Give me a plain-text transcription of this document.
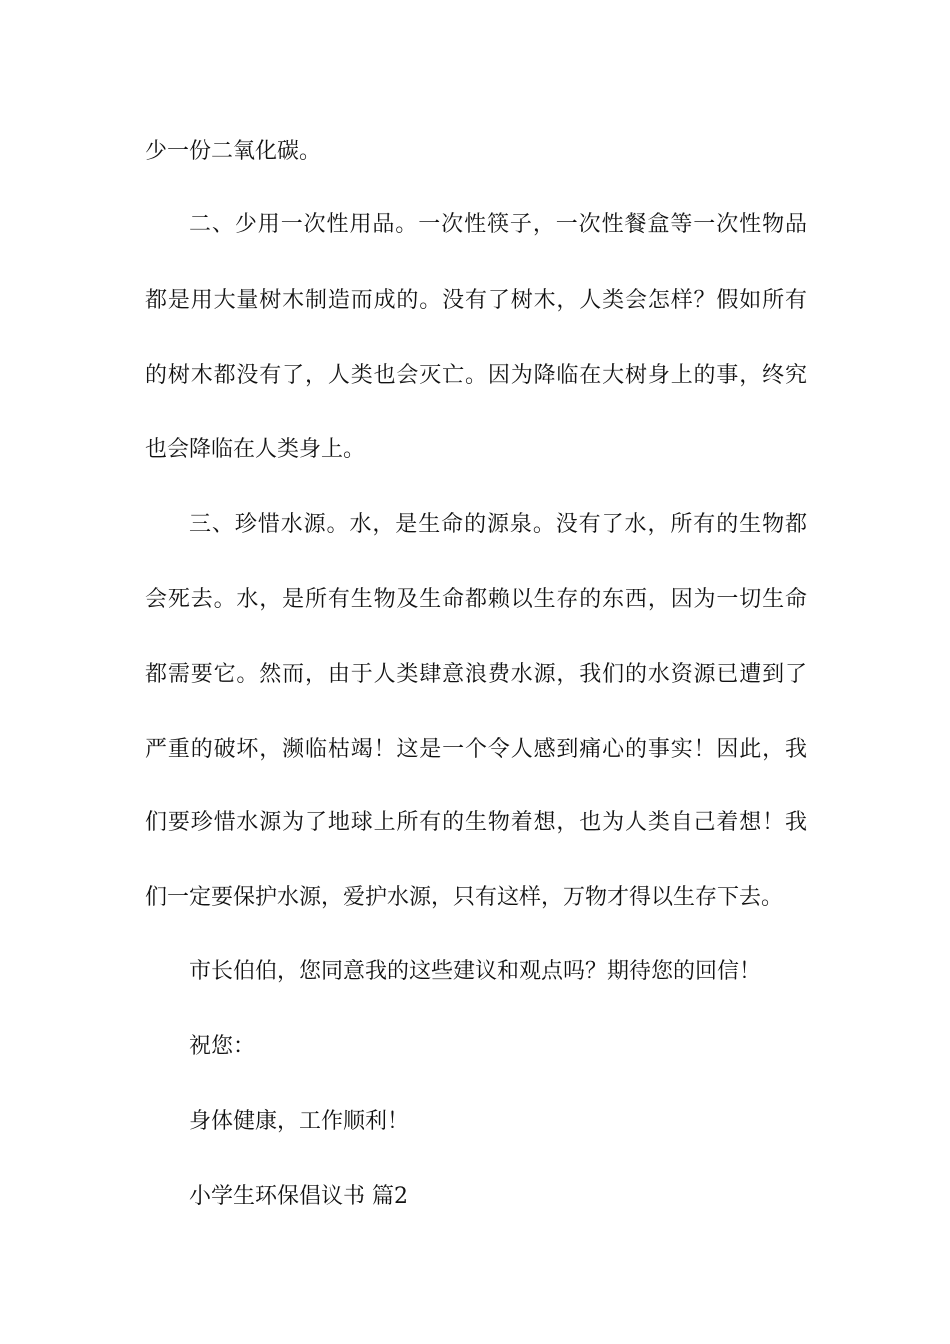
少一份二氧化碳。
二、少用一次性用品。一次性筷子，一次性餐盒等一次性物品
都是用大量树木制造而成的。没有了树木，人类会怎样？假如所有
的树木都没有了，人类也会灭亡。因为降临在大树身上的事，终究
也会降临在人类身上。
三、珍惜水源。水，是生命的源泉。没有了水，所有的生物都
会死去。水，是所有生物及生命都赖以生存的东西，因为一切生命
都需要它。然而，由于人类肆意浪费水源，我们的水资源已遭到了
严重的破坏，濒临枯竭！这是一个令人感到痛心的事实！因此，我
们要珍惜水源为了地球上所有的生物着想，也为人类自己着想！我
们一定要保护水源，爱护水源，只有这样，万物才得以生存下去。
市长伯伯，您同意我的这些建议和观点吗？期待您的回信！
祝您：
身体健康，工作顺利！
小学生环保倡议书 篇2
